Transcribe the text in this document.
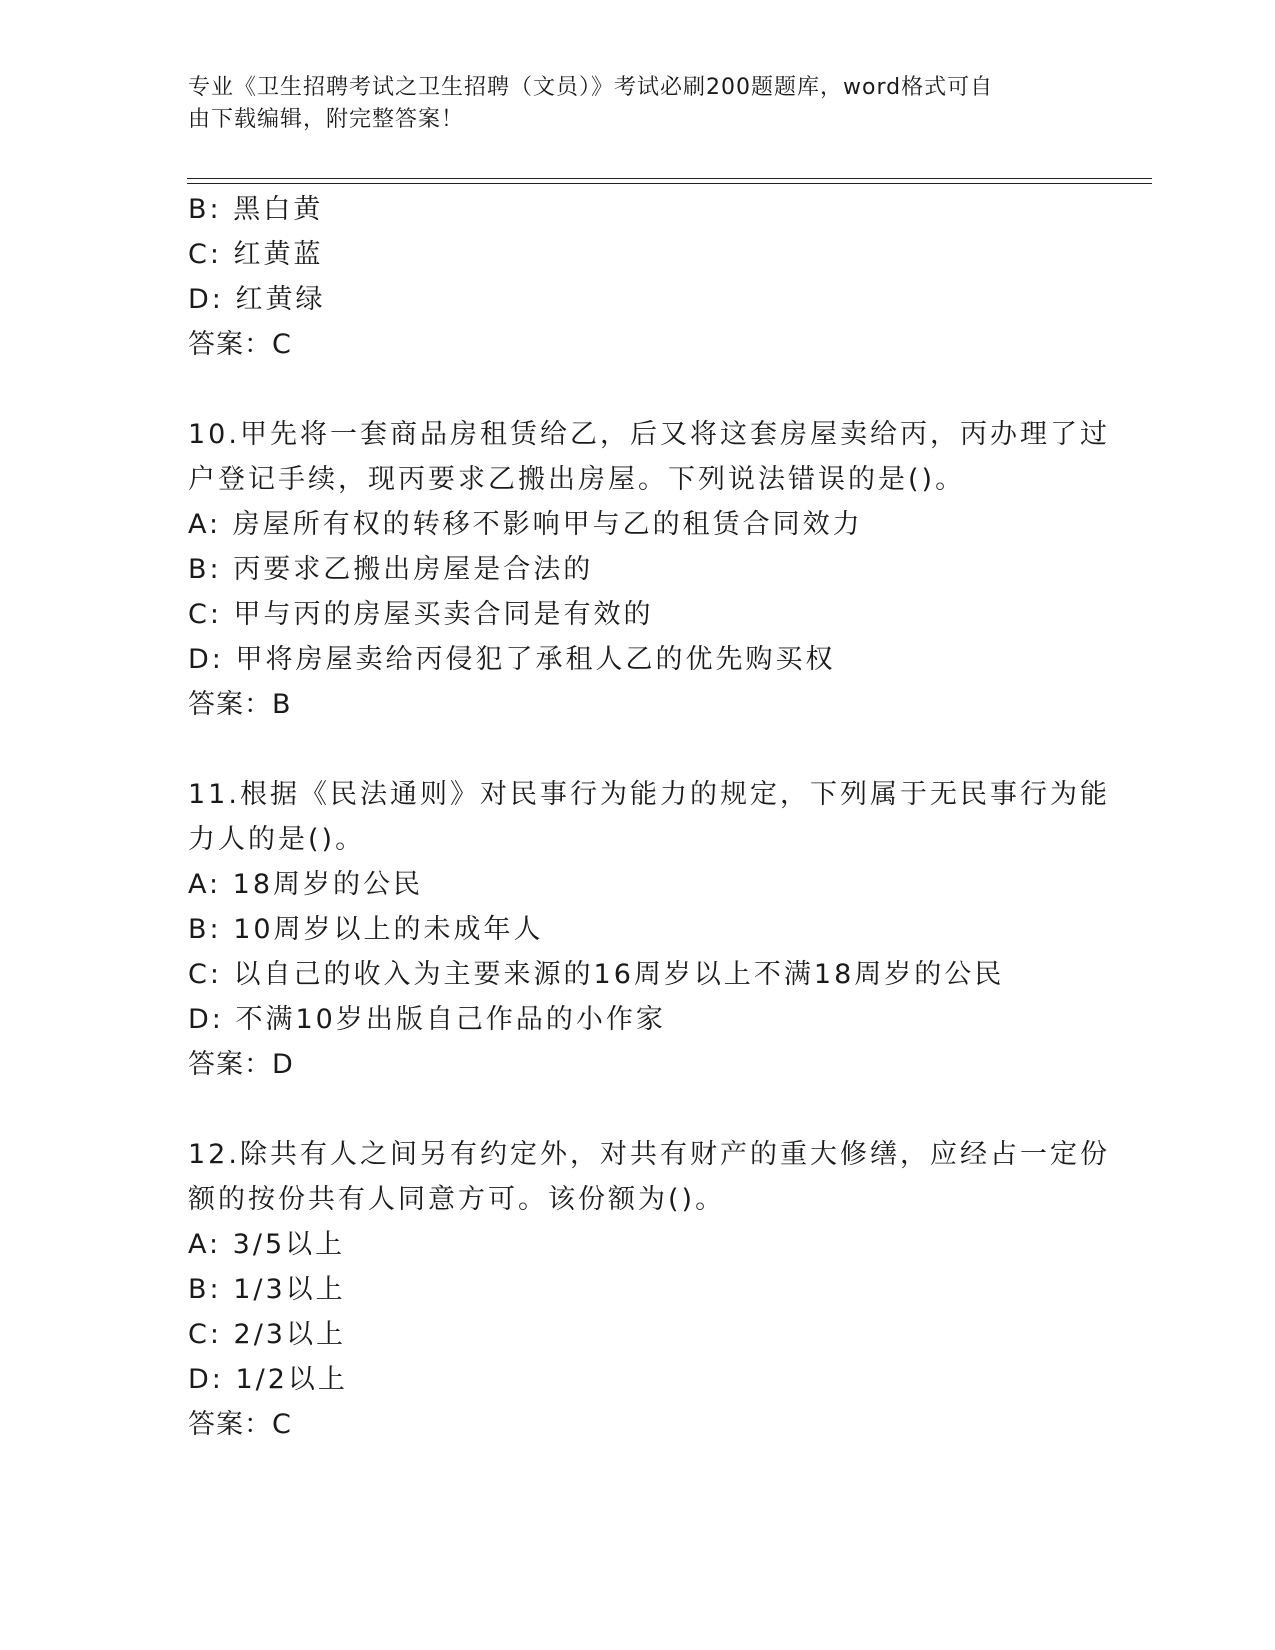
专业《卫生招聘考试之卫生招聘（文员）》考试必刷200题题库，word格式可自
由下载编辑，附完整答案！
B: 黑白黄
C: 红黄蓝
D: 红黄绿
答案：C
10.甲先将一套商品房租赁给乙，后又将这套房屋卖给丙，丙办理了过
户登记手续，现丙要求乙搬出房屋。下列说法错误的是()。
A: 房屋所有权的转移不影响甲与乙的租赁合同效力
B: 丙要求乙搬出房屋是合法的
C: 甲与丙的房屋买卖合同是有效的
D: 甲将房屋卖给丙侵犯了承租人乙的优先购买权
答案：B
11.根据《民法通则》对民事行为能力的规定，下列属于无民事行为能
力人的是()。
A: 18周岁的公民
B: 10周岁以上的未成年人
C: 以自己的收入为主要来源的16周岁以上不满18周岁的公民
D: 不满10岁出版自己作品的小作家
答案：D
12.除共有人之间另有约定外，对共有财产的重大修缮，应经占一定份
额的按份共有人同意方可。该份额为()。
A: 3/5以上
B: 1/3以上
C: 2/3以上
D: 1/2以上
答案：C
